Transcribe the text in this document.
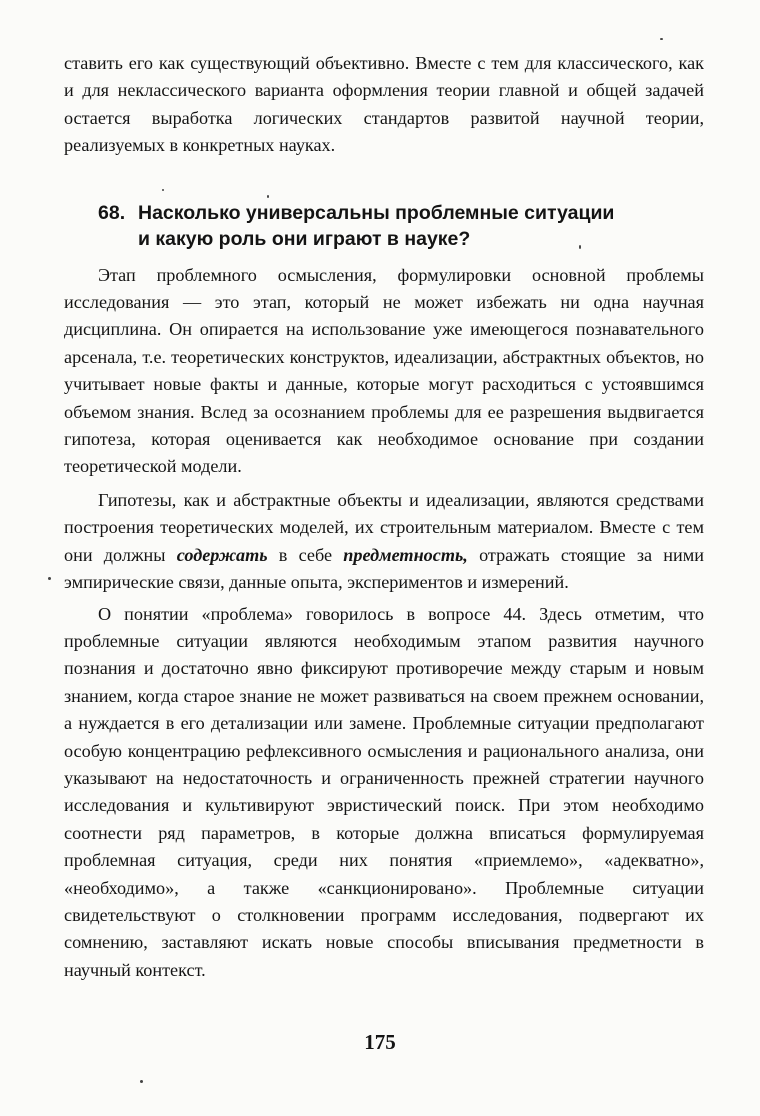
ставить его как существующий объективно. Вместе с тем для классического, как и для неклассического варианта оформления теории главной и общей задачей остается выработка логических стандартов развитой научной теории, реализуемых в конкретных науках.

68. Насколько универсальны проблемные ситуации
и какую роль они играют в науке?

Этап проблемного осмысления, формулировки основной проблемы исследования — это этап, который не может избежать ни одна научная дисциплина. Он опирается на использование уже имеющегося познавательного арсенала, т.е. теоретических конструктов, идеализации, абстрактных объектов, но учитывает новые факты и данные, которые могут расходиться с устоявшимся объемом знания. Вслед за осознанием проблемы для ее разрешения выдвигается гипотеза, которая оценивается как необходимое основание при создании теоретической модели.

Гипотезы, как и абстрактные объекты и идеализации, являются средствами построения теоретических моделей, их строительным материалом. Вместе с тем они должны содержать в себе предметность, отражать стоящие за ними эмпирические связи, данные опыта, экспериментов и измерений.

О понятии «проблема» говорилось в вопросе 44. Здесь отметим, что проблемные ситуации являются необходимым этапом развития научного познания и достаточно явно фиксируют противоречие между старым и новым знанием, когда старое знание не может развиваться на своем прежнем основании, а нуждается в его детализации или замене. Проблемные ситуации предполагают особую концентрацию рефлексивного осмысления и рационального анализа, они указывают на недостаточность и ограниченность прежней стратегии научного исследования и культивируют эвристический поиск. При этом необходимо соотнести ряд параметров, в которые должна вписаться формулируемая проблемная ситуация, среди них понятия «приемлемо», «адекватно», «необходимо», а также «санкционировано». Проблемные ситуации свидетельствуют о столкновении программ исследования, подвергают их сомнению, заставляют искать новые способы вписывания предметности в научный контекст.

175
